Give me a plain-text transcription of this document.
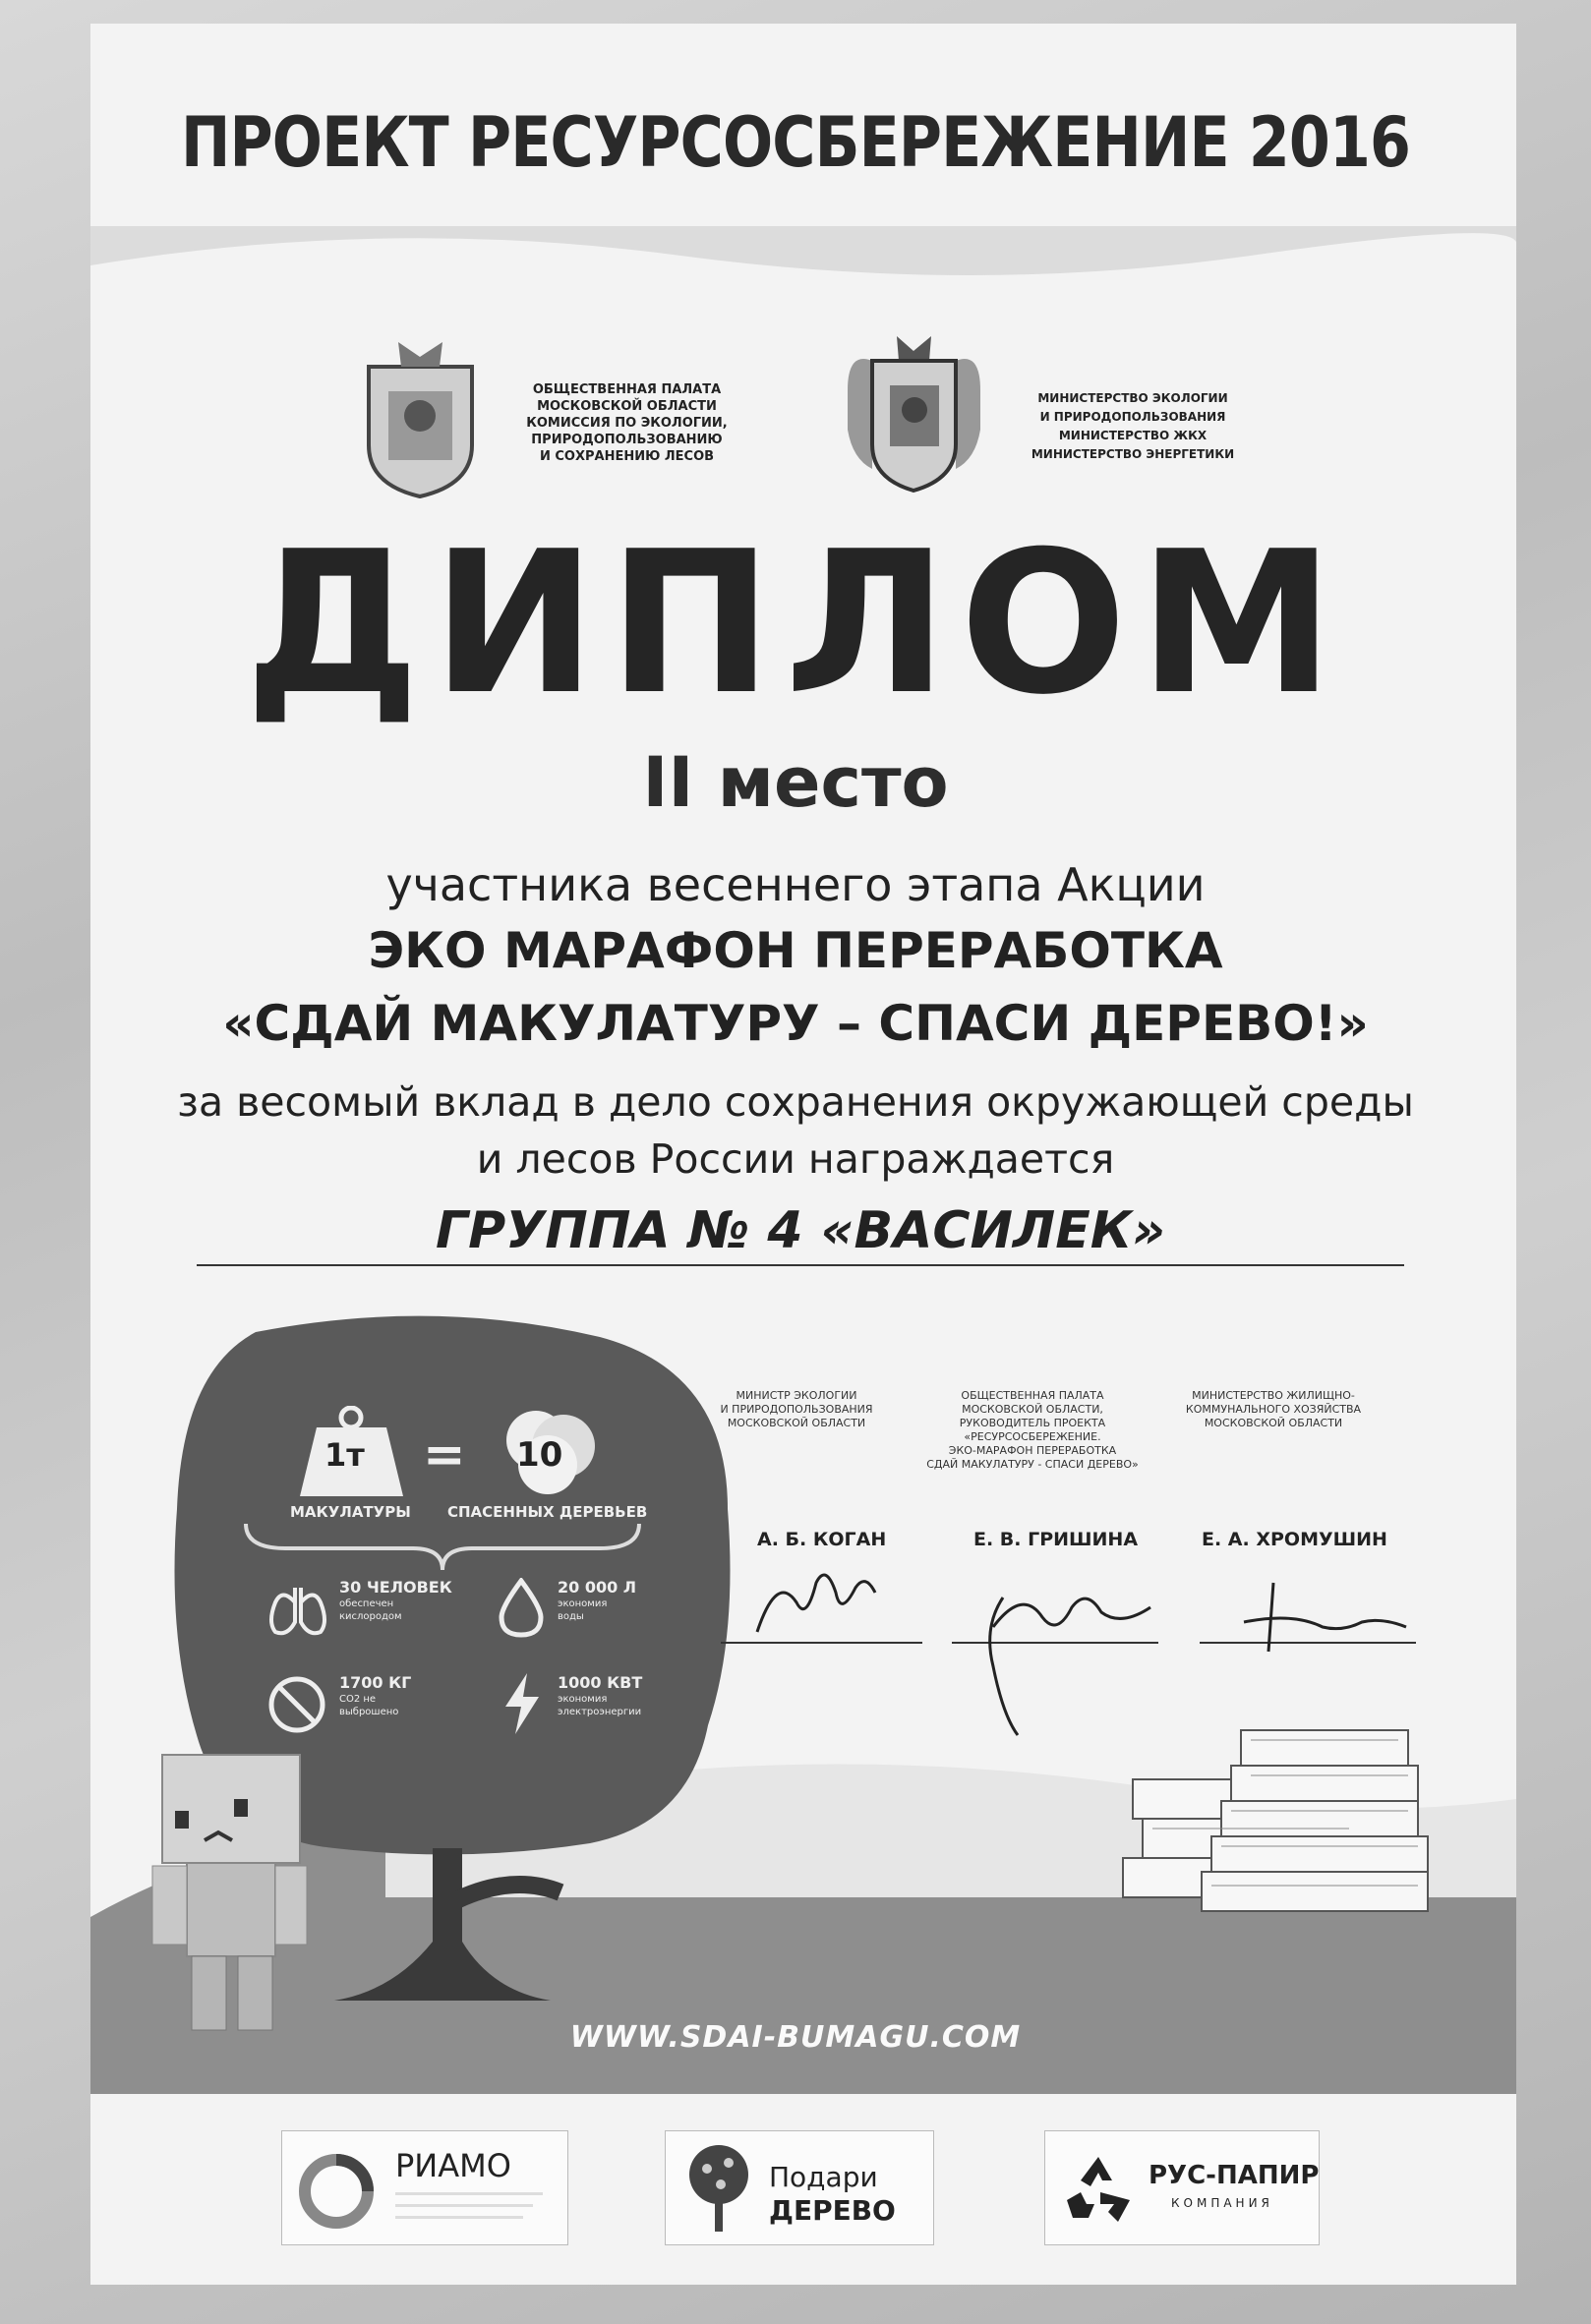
ПРОЕКТ РЕСУРСОСБЕРЕЖЕНИЕ 2016
ОБЩЕСТВЕННАЯ ПАЛАТА
МОСКОВСКОЙ ОБЛАСТИ
КОМИССИЯ ПО ЭКОЛОГИИ,
ПРИРОДОПОЛЬЗОВАНИЮ
И СОХРАНЕНИЮ ЛЕСОВ
МИНИСТЕРСТВО ЭКОЛОГИИ
И ПРИРОДОПОЛЬЗОВАНИЯ
МИНИСТЕРСТВО ЖКХ
МИНИСТЕРСТВО ЭНЕРГЕТИКИ
ДИПЛОМ
II место
участника весеннего этапа Акции
ЭКО МАРАФОН ПЕРЕРАБОТКА
«СДАЙ МАКУЛАТУРУ – СПАСИ ДЕРЕВО!»
за весомый вклад в дело сохранения окружающей среды
и лесов России награждается
ГРУППА № 4 «ВАСИЛЕК»
1т = 10
МАКУЛАТУРЫ СПАСЕННЫХ ДЕРЕВЬЕВ
30 ЧЕЛОВЕК
обеспечен
кислородом
20 000 Л
экономия
воды
1700 КГ
CO2 не
выброшено
1000 КВТ
экономия
электроэнергии
МИНИСТР ЭКОЛОГИИ
И ПРИРОДОПОЛЬЗОВАНИЯ
МОСКОВСКОЙ ОБЛАСТИ
ОБЩЕСТВЕННАЯ ПАЛАТА
МОСКОВСКОЙ ОБЛАСТИ,
РУКОВОДИТЕЛЬ ПРОЕКТА
«РЕСУРСОСБЕРЕЖЕНИЕ.
ЭКО-МАРАФОН ПЕРЕРАБОТКА
СДАЙ МАКУЛАТУРУ - СПАСИ ДЕРЕВО»
МИНИСТЕРСТВО ЖИЛИЩНО-
КОММУНАЛЬНОГО ХОЗЯЙСТВА
МОСКОВСКОЙ ОБЛАСТИ
А. Б. КОГАН	Е. В. ГРИШИНА	Е. А. ХРОМУШИН
WWW.SDAI-BUMAGU.COM
РИАМО	Подари
ДЕРЕВО
РУС-ПАПИР
КОМПАНИЯ
